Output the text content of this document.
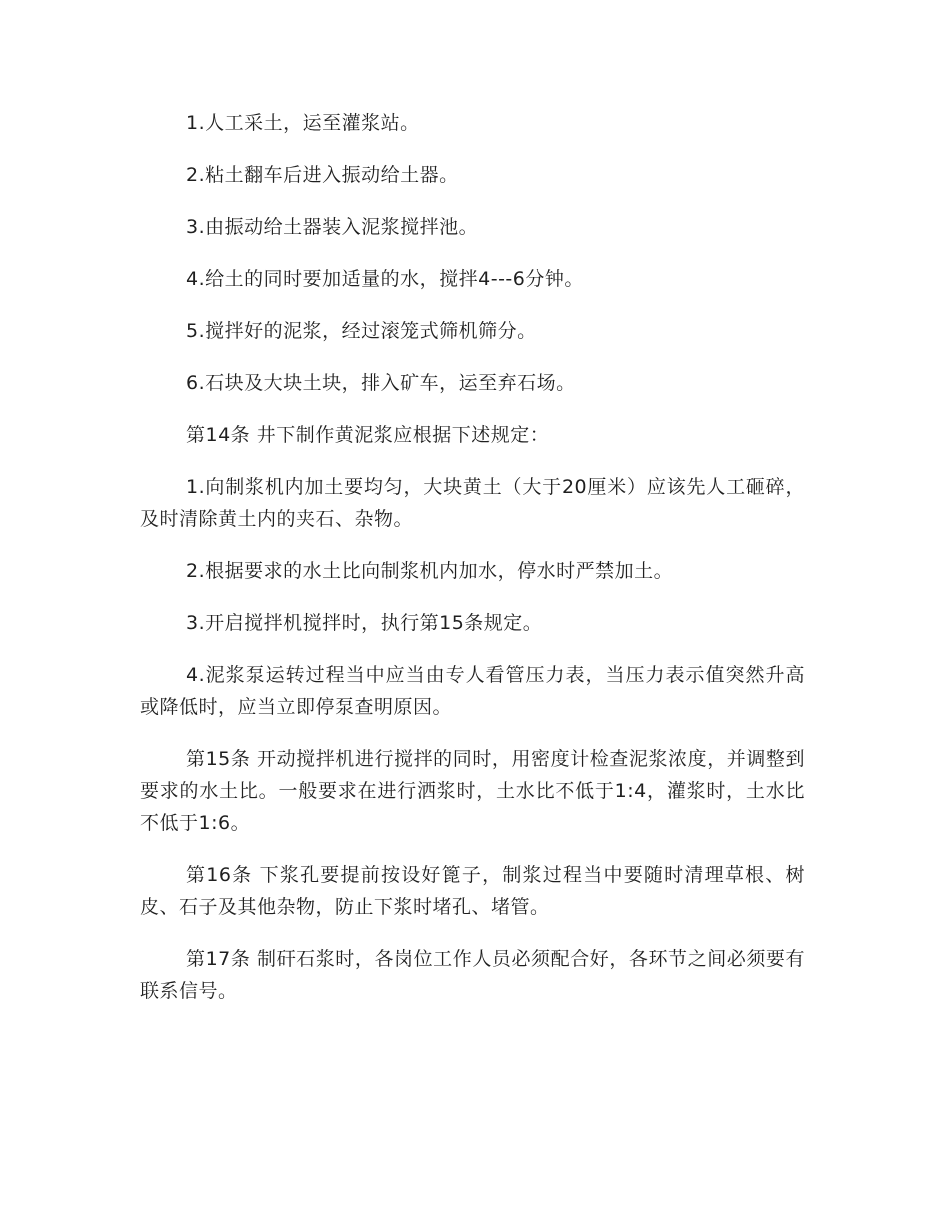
1.人工采土，运至灌浆站。

2.粘土翻车后进入振动给土器。

3.由振动给土器装入泥浆搅拌池。

4.给土的同时要加适量的水，搅拌4---6分钟。

5.搅拌好的泥浆，经过滚笼式筛机筛分。

6.石块及大块土块，排入矿车，运至弃石场。

第14条 井下制作黄泥浆应根据下述规定：

1.向制浆机内加土要均匀，大块黄土（大于20厘米）应该先人工砸碎，及时清除黄土内的夹石、杂物。

2.根据要求的水土比向制浆机内加水，停水时严禁加土。

3.开启搅拌机搅拌时，执行第15条规定。

4.泥浆泵运转过程当中应当由专人看管压力表，当压力表示值突然升高或降低时，应当立即停泵查明原因。

第15条 开动搅拌机进行搅拌的同时，用密度计检查泥浆浓度，并调整到要求的水土比。一般要求在进行洒浆时，土水比不低于1:4，灌浆时，土水比不低于1:6。

第16条 下浆孔要提前按设好篦子，制浆过程当中要随时清理草根、树皮、石子及其他杂物，防止下浆时堵孔、堵管。

第17条 制矸石浆时，各岗位工作人员必须配合好，各环节之间必须要有联系信号。
